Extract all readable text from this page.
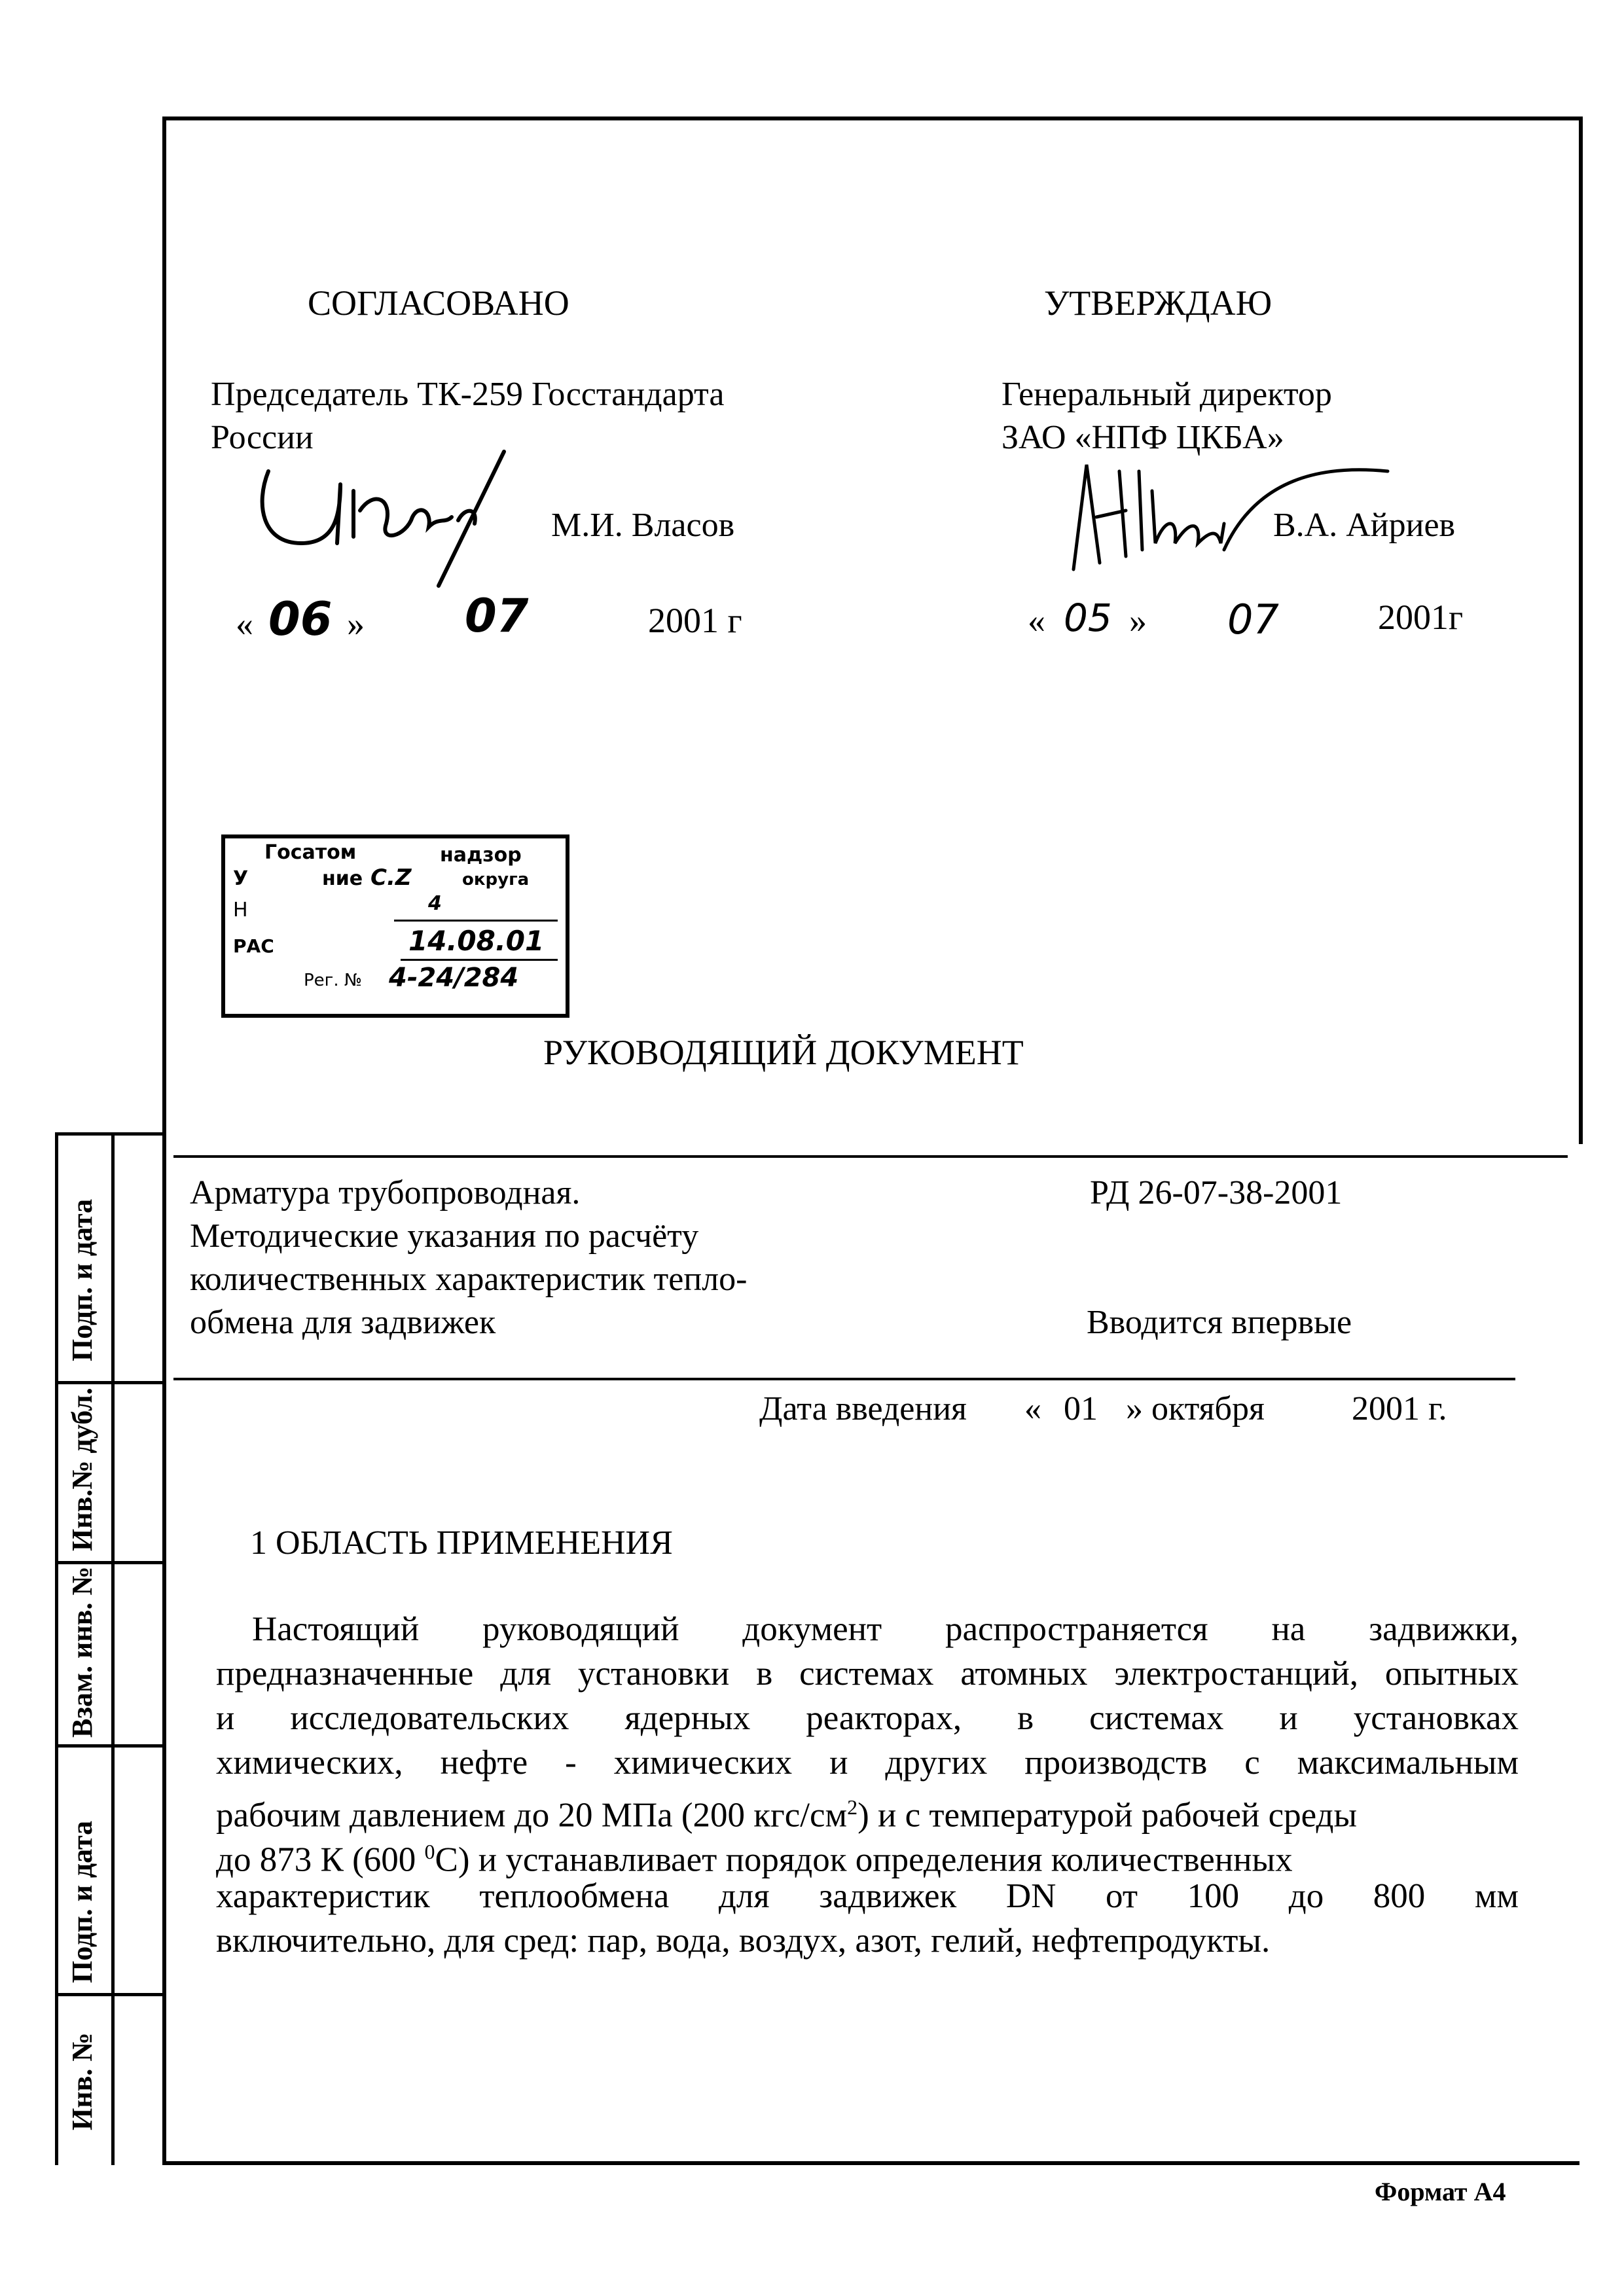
Подп. и дата
Инв.№ дубл.
Взам. инв. №
Подп. и дата
Инв. №
СОГЛАСОВАНО
Председатель ТК-259 Госстандарта
России
М.И. Власов
« 06 » 07	2001 г
УТВЕРЖДАЮ
Генеральный директор
ЗАО «НПФ ЦКБА»
В.А. Айриев
« 05 » 07	2001г
Госатом	надзор
У	ние С.Z	округа
Н	4
РАС	14.08.01
Рег. № 4-24/284
РУКОВОДЯЩИЙ ДОКУМЕНТ
Арматура трубопроводная.
Методические указания по расчёту
количественных характеристик тепло-
обмена для задвижек
РД 26-07-38-2001
Вводится впервые
Дата введения « 01 » октября	2001 г.
1 ОБЛАСТЬ ПРИМЕНЕНИЯ
Настоящий руководящий документ распространяется на задвижки,
предназначенные для установки в системах атомных электростанций, опытных
и исследовательских ядерных реакторах, в системах и установках
химических, нефте - химических и других производств с максимальным
рабочим давлением до 20 МПа (200 кгс/$см^2$) и с температурой рабочей среды
до 873 К (600 $^0$С) и устанавливает порядок определения количественных
характеристик теплообмена для задвижек DN от 100 до 800 мм
включительно, для сред: пар, вода, воздух, азот, гелий, нефтепродукты.
Формат А4
